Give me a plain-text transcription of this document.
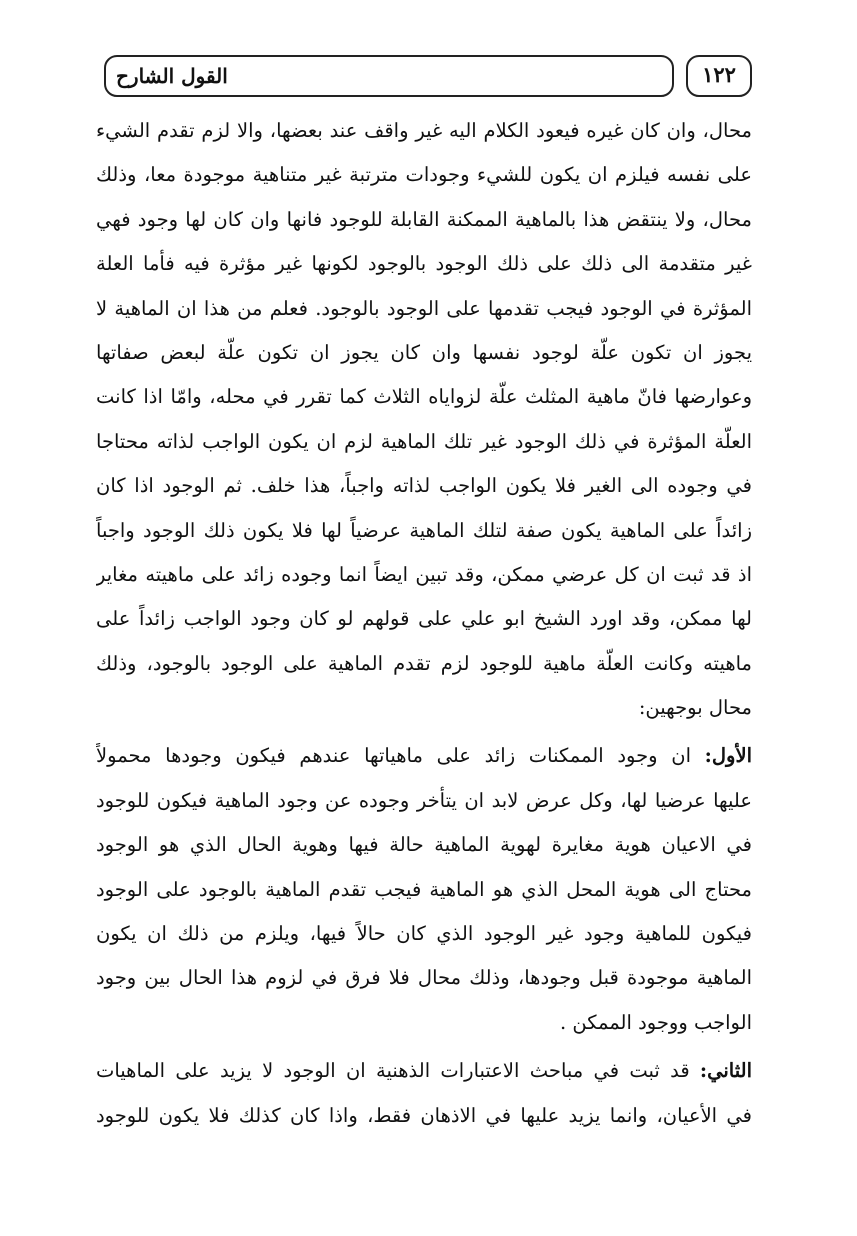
القول الشارح	١٢٢
محال، وان كان غيره فيعود الكلام اليه غير واقف عند بعضها، والا لزم تقدم الشيء
على نفسه فيلزم ان يكون للشيء وجودات مترتبة غير متناهية موجودة معا، وذلك
محال، ولا ينتقض هذا بالماهية الممكنة القابلة للوجود فانها وان كان لها وجود فهي
غير متقدمة الى ذلك على ذلك الوجود بالوجود لكونها غير مؤثرة فيه فأما العلة
المؤثرة في الوجود فيجب تقدمها على الوجود بالوجود. فعلم من هذا ان الماهية لا
يجوز ان تكون علّة لوجود نفسها وان كان يجوز ان تكون علّة لبعض صفاتها
وعوارضها فانّ ماهية المثلث علّة لزواياه الثلاث كما تقرر في محله، وامّا اذا كانت
العلّة المؤثرة في ذلك الوجود غير تلك الماهية لزم ان يكون الواجب لذاته محتاجا
في وجوده الى الغير فلا يكون الواجب لذاته واجباً، هذا خلف. ثم الوجود اذا كان
زائداً على الماهية يكون صفة لتلك الماهية عرضياً لها فلا يكون ذلك الوجود واجباً
اذ قد ثبت ان كل عرضي ممكن، وقد تبين ايضاً انما وجوده زائد على ماهيته مغاير
لها ممكن، وقد اورد الشيخ ابو علي على قولهم لو كان وجود الواجب زائداً على
ماهيته وكانت العلّة ماهية للوجود لزم تقدم الماهية على الوجود بالوجود، وذلك
محال بوجهين:
الأول: ان وجود الممكنات زائد على ماهياتها عندهم فيكون وجودها محمولاً
عليها عرضيا لها، وكل عرض لابد ان يتأخر وجوده عن وجود الماهية فيكون للوجود
في الاعيان هوية مغايرة لهوية الماهية حالة فيها وهوية الحال الذي هو الوجود
محتاج الى هوية المحل الذي هو الماهية فيجب تقدم الماهية بالوجود على الوجود
فيكون للماهية وجود غير الوجود الذي كان حالاً فيها، ويلزم من ذلك ان يكون
الماهية موجودة قبل وجودها، وذلك محال فلا فرق في لزوم هذا الحال بين وجود
الواجب ووجود الممكن .
الثاني: قد ثبت في مباحث الاعتبارات الذهنية ان الوجود لا يزيد على الماهيات
في الأعيان، وانما يزيد عليها في الاذهان فقط، واذا كان كذلك فلا يكون للوجود
